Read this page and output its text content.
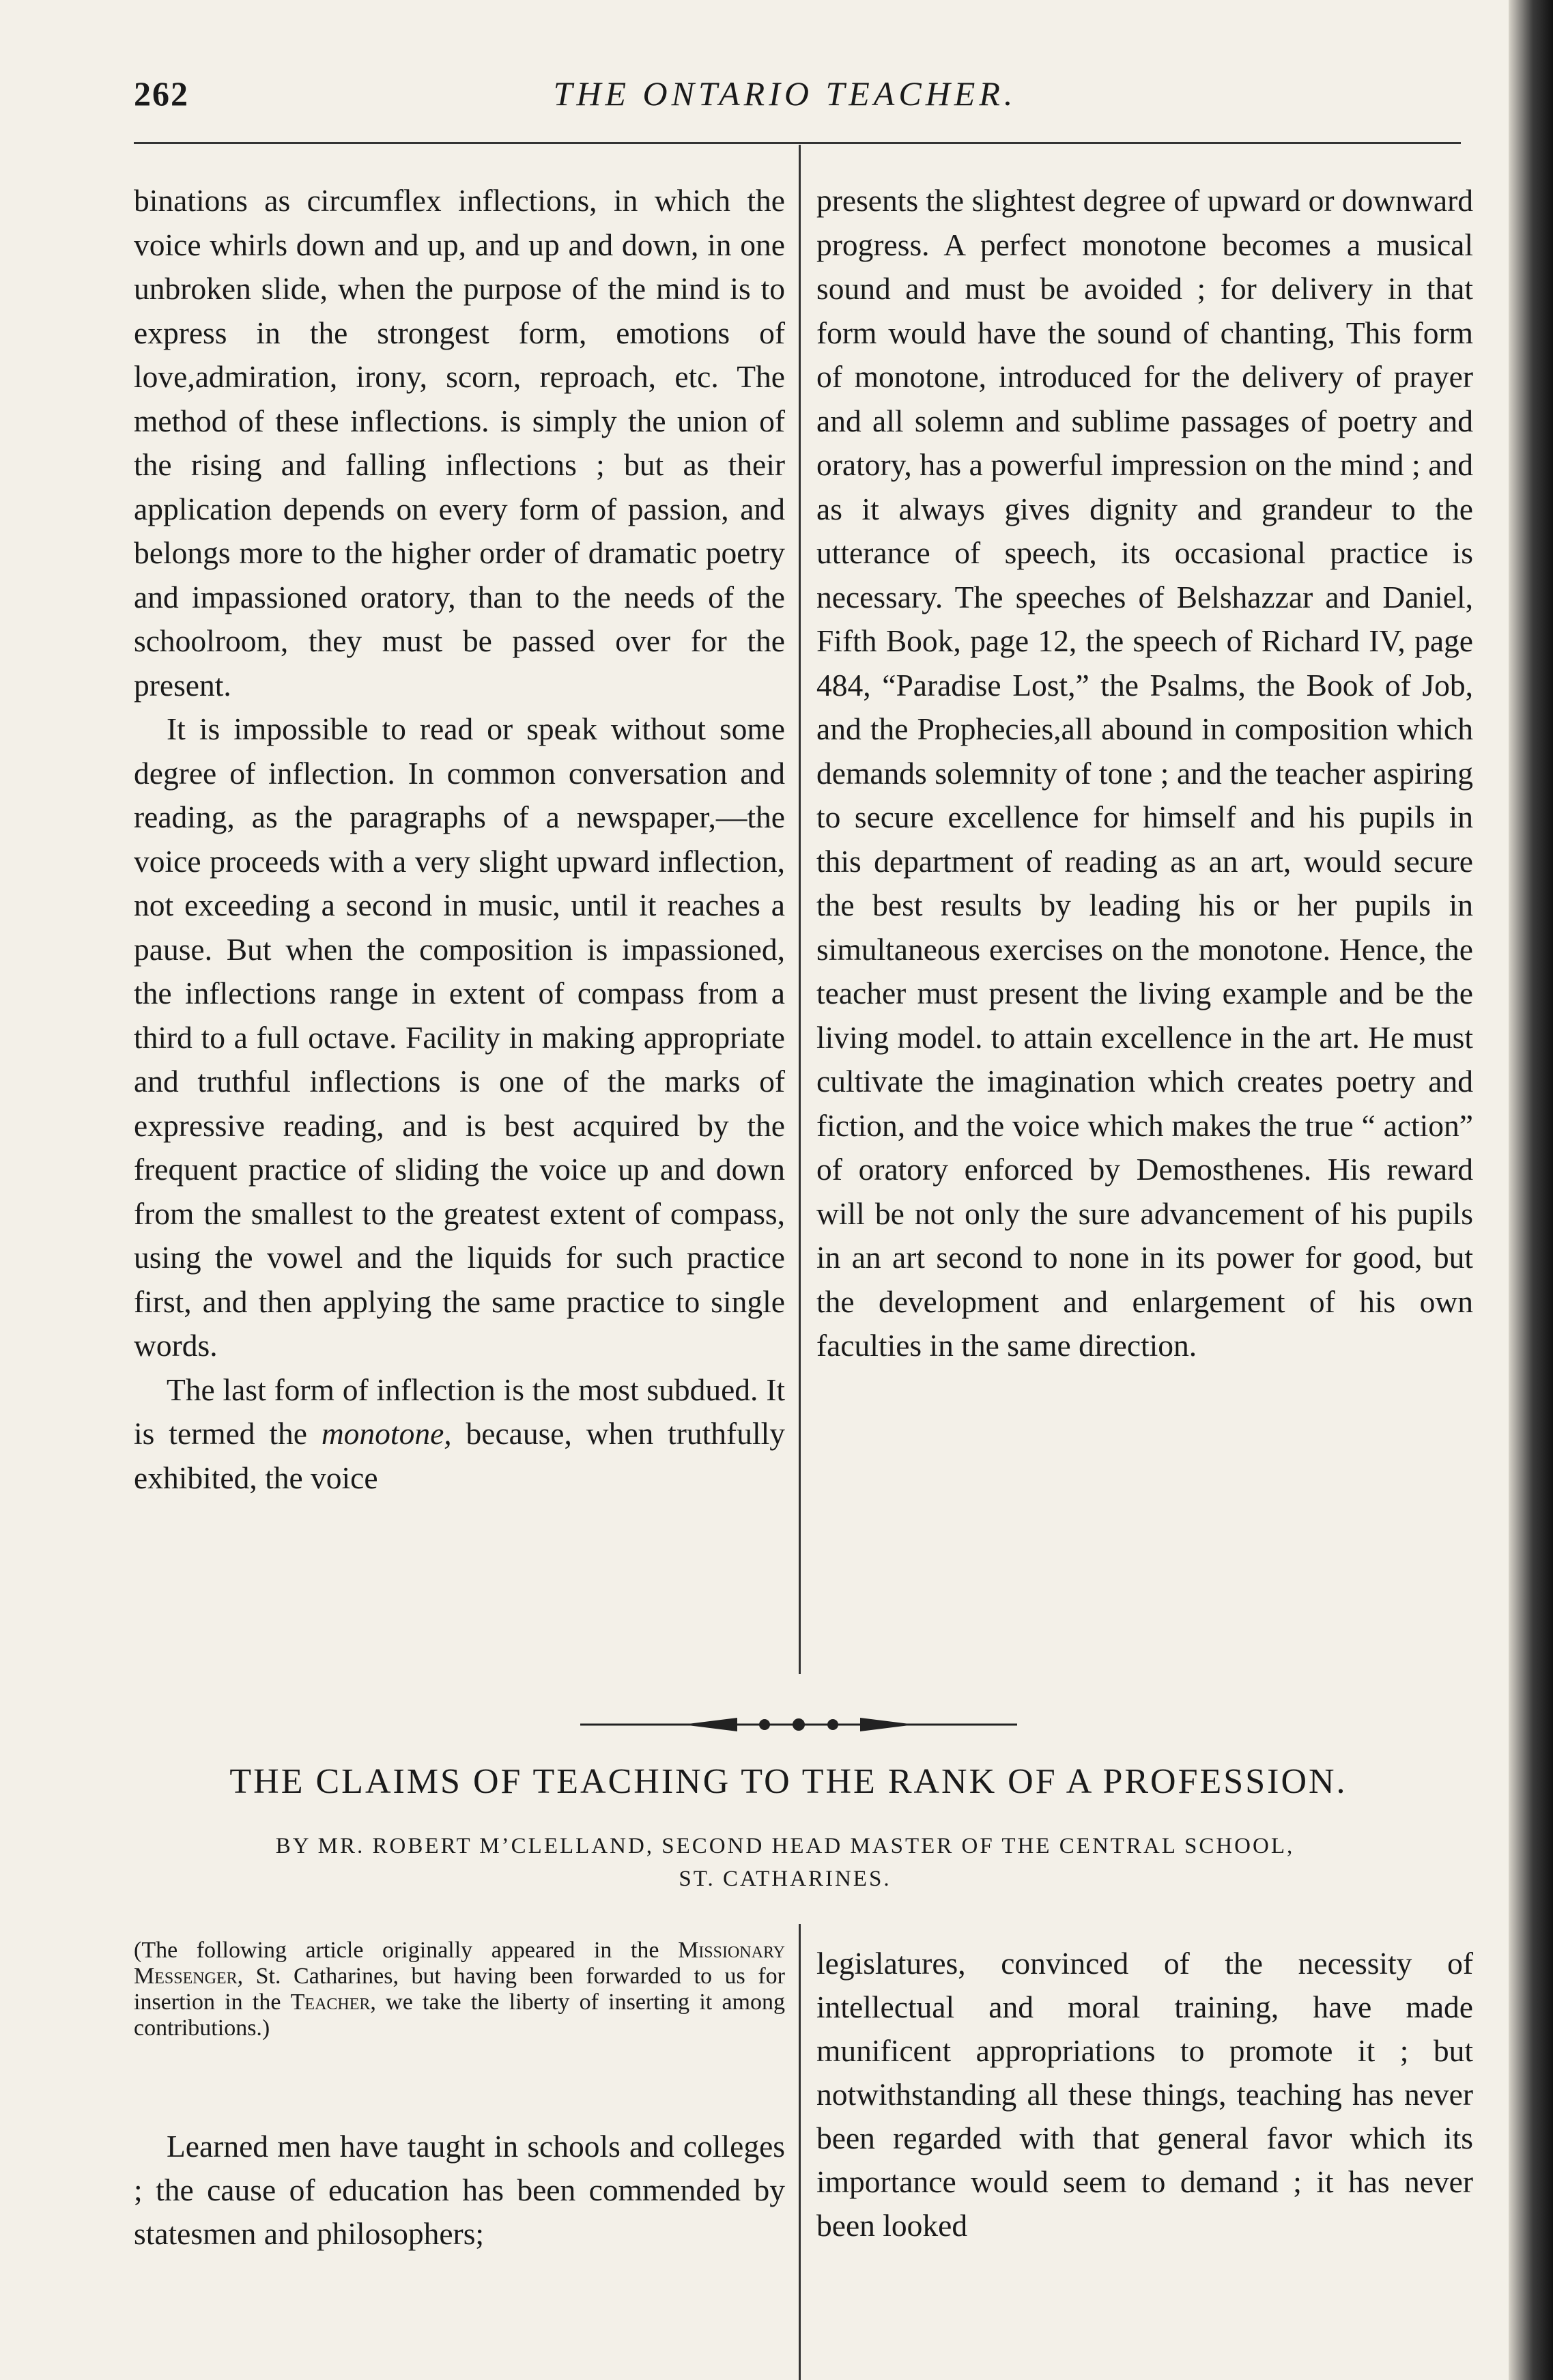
262	THE ONTARIO TEACHER.

binations as circumflex inflections, in which the voice whirls down and up, and up and down, in one unbroken slide, when the purpose of the mind is to express in the strongest form, emotions of love,admiration, irony, scorn, reproach, etc. The method of these inflections. is simply the union of the rising and falling inflections ; but as their application depends on every form of passion, and belongs more to the higher order of dramatic poetry and impassioned oratory, than to the needs of the schoolroom, they must be passed over for the present.

It is impossible to read or speak without some degree of inflection. In common conversation and reading, as the paragraphs of a newspaper,—the voice proceeds with a very slight upward inflection, not exceeding a second in music, until it reaches a pause. But when the composition is impassioned, the inflections range in extent of compass from a third to a full octave. Facility in making appropriate and truthful inflections is one of the marks of expressive reading, and is best acquired by the frequent practice of sliding the voice up and down from the smallest to the greatest extent of compass, using the vowel and the liquids for such practice first, and then applying the same practice to single words.

The last form of inflection is the most subdued. It is termed the monotone, because, when truthfully exhibited, the voice

presents the slightest degree of upward or downward progress. A perfect monotone becomes a musical sound and must be avoided ; for delivery in that form would have the sound of chanting, This form of monotone, introduced for the delivery of prayer and all solemn and sublime passages of poetry and oratory, has a powerful impression on the mind ; and as it always gives dignity and grandeur to the utterance of speech, its occasional practice is necessary. The speeches of Belshazzar and Daniel, Fifth Book, page 12, the speech of Richard IV, page 484, “Paradise Lost,” the Psalms, the Book of Job, and the Prophecies,all abound in composition which demands solemnity of tone ; and the teacher aspiring to secure excellence for himself and his pupils in this department of reading as an art, would secure the best results by leading his or her pupils in simultaneous exercises on the monotone. Hence, the teacher must present the living example and be the living model. to attain excellence in the art. He must cultivate the imagination which creates poetry and fiction, and the voice which makes the true “ action” of oratory enforced by Demosthenes. His reward will be not only the sure advancement of his pupils in an art second to none in its power for good, but the development and enlargement of his own faculties in the same direction.

THE CLAIMS OF TEACHING TO THE RANK OF A PROFESSION.
BY MR. ROBERT M’CLELLAND, SECOND HEAD MASTER OF THE CENTRAL SCHOOL,
ST. CATHARINES.
(The following article originally appeared in the Missionary Messenger, St. Catharines, but having been forwarded to us for insertion in the Teacher, we take the liberty of inserting it among contributions.)

Learned men have taught in schools and colleges ; the cause of education has been commended by statesmen and philosophers;

legislatures, convinced of the necessity of intellectual and moral training, have made munificent appropriations to promote it ; but notwithstanding all these things, teaching has never been regarded with that general favor which its importance would seem to demand ; it has never been looked
